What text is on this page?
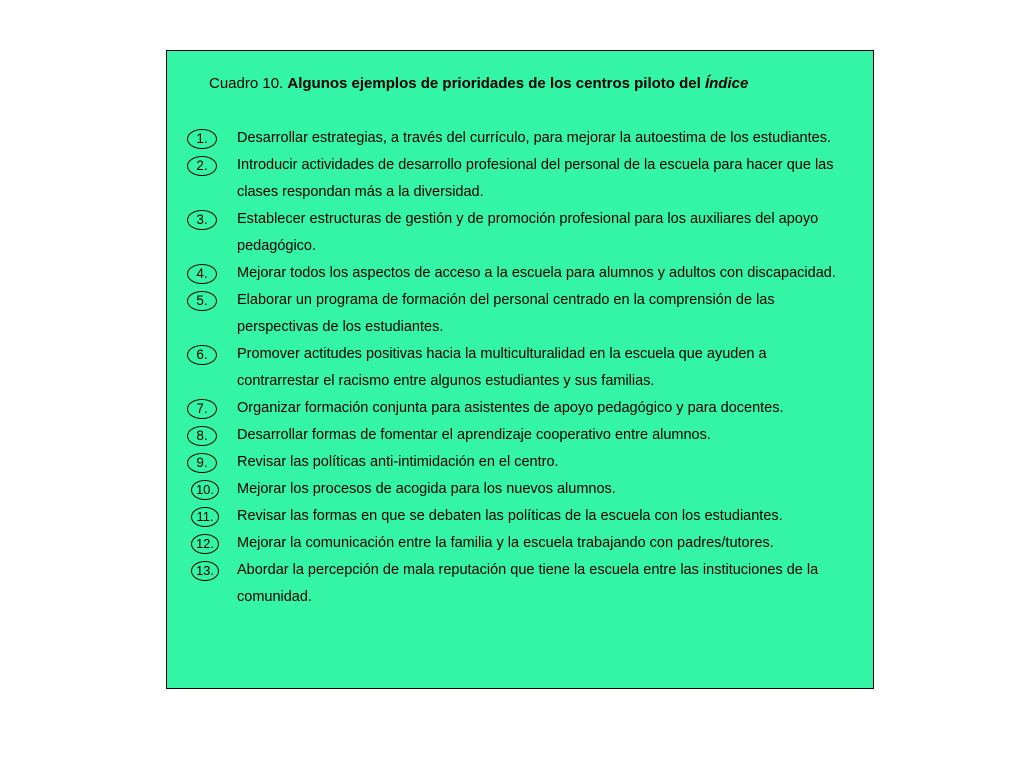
Cuadro 10. Algunos ejemplos de prioridades de los centros piloto del Índice
1.	Desarrollar estrategias, a través del currículo, para mejorar la autoestima de los estudiantes.
2.	Introducir actividades de desarrollo profesional del personal de la escuela para hacer que las clases respondan más a la diversidad.
3.	Establecer estructuras de gestión y de promoción profesional para los auxiliares del apoyo pedagógico.
4.	Mejorar todos los aspectos de acceso a la escuela para alumnos y adultos con discapacidad.
5.	Elaborar un programa de formación del personal centrado en la comprensión de las perspectivas de los estudiantes.
6.	Promover actitudes positivas hacia la multiculturalidad en la escuela que ayuden a contrarrestar el racismo entre algunos estudiantes y sus familias.
7.	Organizar formación conjunta para asistentes de apoyo pedagógico y para docentes.
8.	Desarrollar formas de fomentar el aprendizaje cooperativo entre alumnos.
9.	Revisar las políticas anti-intimidación en el centro.
10.	Mejorar los procesos de acogida para los nuevos alumnos.
11.	Revisar las formas en que se debaten las políticas de la escuela con los estudiantes.
12.	Mejorar la comunicación entre la familia y la escuela trabajando con padres/tutores.
13.	Abordar la percepción de mala reputación que tiene la escuela entre las instituciones de la comunidad.
